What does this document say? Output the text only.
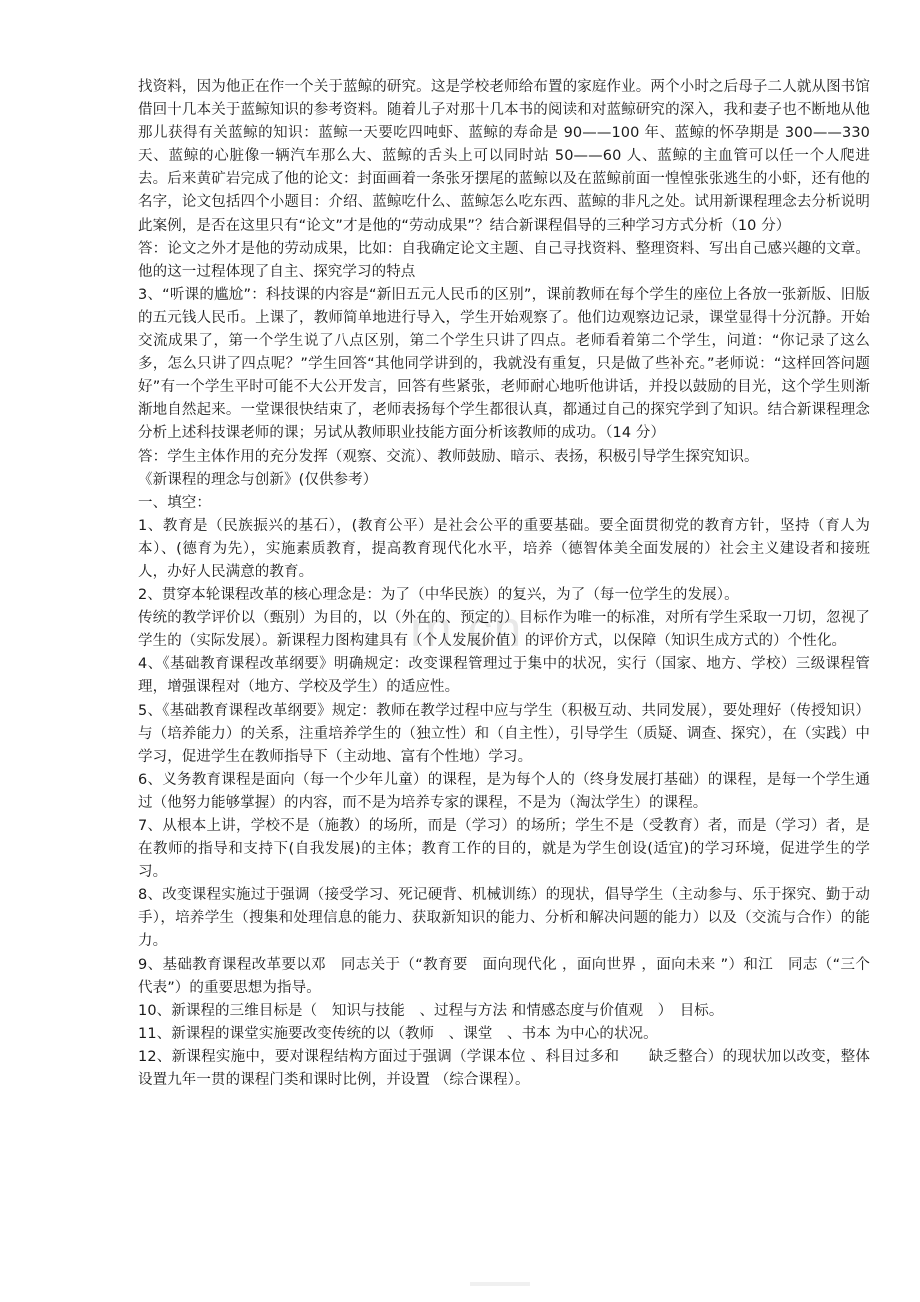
m.cn

找资料，因为他正在作一个关于蓝鲸的研究。这是学校老师给布置的家庭作业。两个小时之后母子二人就从图书馆借回十几本关于蓝鲸知识的参考资料。随着儿子对那十几本书的阅读和对蓝鲸研究的深入，我和妻子也不断地从他那儿获得有关蓝鲸的知识：蓝鲸一天要吃四吨虾、蓝鲸的寿命是 90——100 年、蓝鲸的怀孕期是 300——330 天、蓝鲸的心脏像一辆汽车那么大、蓝鲸的舌头上可以同时站 50——60 人、蓝鲸的主血管可以任一个人爬进去。后来黄矿岩完成了他的论文：封面画着一条张牙摆尾的蓝鲸以及在蓝鲸前面一惶惶张张逃生的小虾，还有他的名字，论文包括四个小题目：介绍、蓝鲸吃什么、蓝鲸怎么吃东西、蓝鲸的非凡之处。试用新课程理念去分析说明此案例，是否在这里只有“论文”才是他的“劳动成果”？结合新课程倡导的三种学习方式分析（10 分）

答：论文之外才是他的劳动成果，比如：自我确定论文主题、自己寻找资料、整理资料、写出自己感兴趣的文章。他的这一过程体现了自主、探究学习的特点

3、“听课的尴尬”：科技课的内容是“新旧五元人民币的区别”，课前教师在每个学生的座位上各放一张新版、旧版的五元钱人民币。上课了，教师简单地进行导入，学生开始观察了。他们边观察边记录，课堂显得十分沉静。开始交流成果了，第一个学生说了八点区别，第二个学生只讲了四点。老师看着第二个学生，问道：“你记录了这么多，怎么只讲了四点呢？”学生回答“其他同学讲到的，我就没有重复，只是做了些补充。”老师说：“这样回答问题好”有一个学生平时可能不大公开发言，回答有些紧张，老师耐心地听他讲话，并投以鼓励的目光，这个学生则渐渐地自然起来。一堂课很快结束了，老师表扬每个学生都很认真，都通过自己的探究学到了知识。结合新课程理念分析上述科技课老师的课；另试从教师职业技能方面分析该教师的成功。（14 分）

答：学生主体作用的充分发挥（观察、交流）、教师鼓励、暗示、表扬，积极引导学生探究知识。

《新课程的理念与创新》(仅供参考）

一、填空：

1、教育是（民族振兴的基石），(教育公平）是社会公平的重要基础。要全面贯彻党的教育方针，坚持（育人为本）、(德育为先），实施素质教育，提高教育现代化水平，培养（德智体美全面发展的）社会主义建设者和接班人，办好人民满意的教育。

2、贯穿本轮课程改革的核心理念是：为了（中华民族）的复兴，为了（每一位学生的发展）。

传统的教学评价以（甄别）为目的，以（外在的、预定的）目标作为唯一的标准，对所有学生采取一刀切，忽视了学生的（实际发展）。新课程力图构建具有（个人发展价值）的评价方式，以保障（知识生成方式的）个性化。

4、《基础教育课程改革纲要》明确规定：改变课程管理过于集中的状况，实行（国家、地方、学校）三级课程管理，增强课程对（地方、学校及学生）的适应性。

5、《基础教育课程改革纲要》规定：教师在教学过程中应与学生（积极互动、共同发展），要处理好（传授知识）与（培养能力）的关系，注重培养学生的（独立性）和（自主性），引导学生（质疑、调查、探究），在（实践）中学习，促进学生在教师指导下（主动地、富有个性地）学习。

6、义务教育课程是面向（每一个少年儿童）的课程，是为每个人的（终身发展打基础）的课程，是每一个学生通过（他努力能够掌握）的内容，而不是为培养专家的课程，不是为（淘汰学生）的课程。

7、从根本上讲，学校不是（施教）的场所，而是（学习）的场所；学生不是（受教育）者，而是（学习）者，是在教师的指导和支持下(自我发展)的主体；教育工作的目的，就是为学生创设(适宜)的学习环境，促进学生的学习。

8、改变课程实施过于强调（接受学习、死记硬背、机械训练）的现状，倡导学生（主动参与、乐于探究、勤于动手），培养学生（搜集和处理信息的能力、获取新知识的能力、分析和解决问题的能力）以及（交流与合作）的能力。

9、基础教育课程改革要以邓　同志关于（“教育要　面向现代化 ，面向世界 ，面向未来 ”）和江　同志（“三个代表”）的重要思想为指导。

10、新课程的三维目标是（　知识与技能　、过程与方法 和情感态度与价值观　）　目标。

11、新课程的课堂实施要改变传统的以（教师　、课堂　、书本 为中心的状况。

12、新课程实施中，要对课程结构方面过于强调（学课本位 、科目过多和　　缺乏整合）的现状加以改变，整体设置九年一贯的课程门类和课时比例，并设置 （综合课程）。
